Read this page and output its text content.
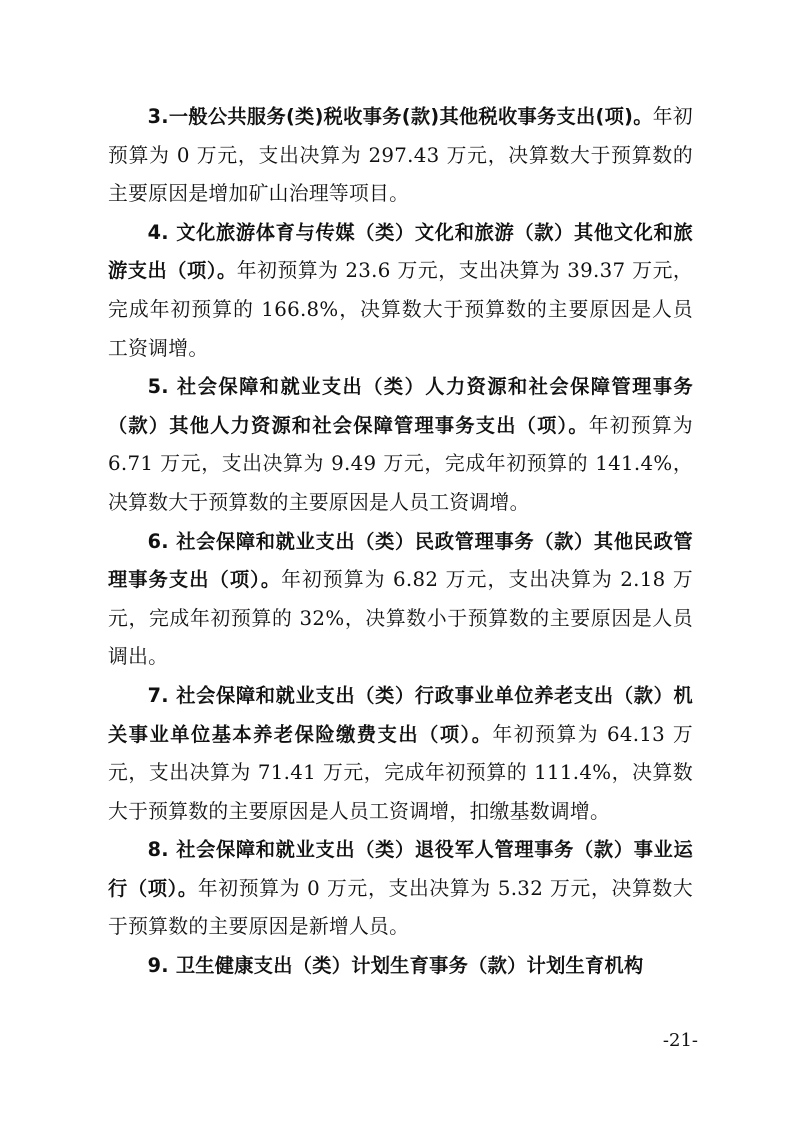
3.一般公共服务(类)税收事务(款)其他税收事务支出(项)。年初预算为 0 万元，支出决算为 297.43 万元，决算数大于预算数的主要原因是增加矿山治理等项目。

4. 文化旅游体育与传媒（类）文化和旅游（款）其他文化和旅游支出（项）。年初预算为 23.6 万元，支出决算为 39.37 万元，完成年初预算的 166.8%，决算数大于预算数的主要原因是人员工资调增。

5. 社会保障和就业支出（类）人力资源和社会保障管理事务（款）其他人力资源和社会保障管理事务支出（项）。年初预算为 6.71 万元，支出决算为 9.49 万元，完成年初预算的 141.4%，决算数大于预算数的主要原因是人员工资调增。

6. 社会保障和就业支出（类）民政管理事务（款）其他民政管理事务支出（项）。年初预算为 6.82 万元，支出决算为 2.18 万元，完成年初预算的 32%，决算数小于预算数的主要原因是人员调出。

7. 社会保障和就业支出（类）行政事业单位养老支出（款）机关事业单位基本养老保险缴费支出（项）。年初预算为 64.13 万元，支出决算为 71.41 万元，完成年初预算的 111.4%，决算数大于预算数的主要原因是人员工资调增，扣缴基数调增。

8. 社会保障和就业支出（类）退役军人管理事务（款）事业运行（项）。年初预算为 0 万元，支出决算为 5.32 万元，决算数大于预算数的主要原因是新增人员。

9. 卫生健康支出（类）计划生育事务（款）计划生育机构

-21-
